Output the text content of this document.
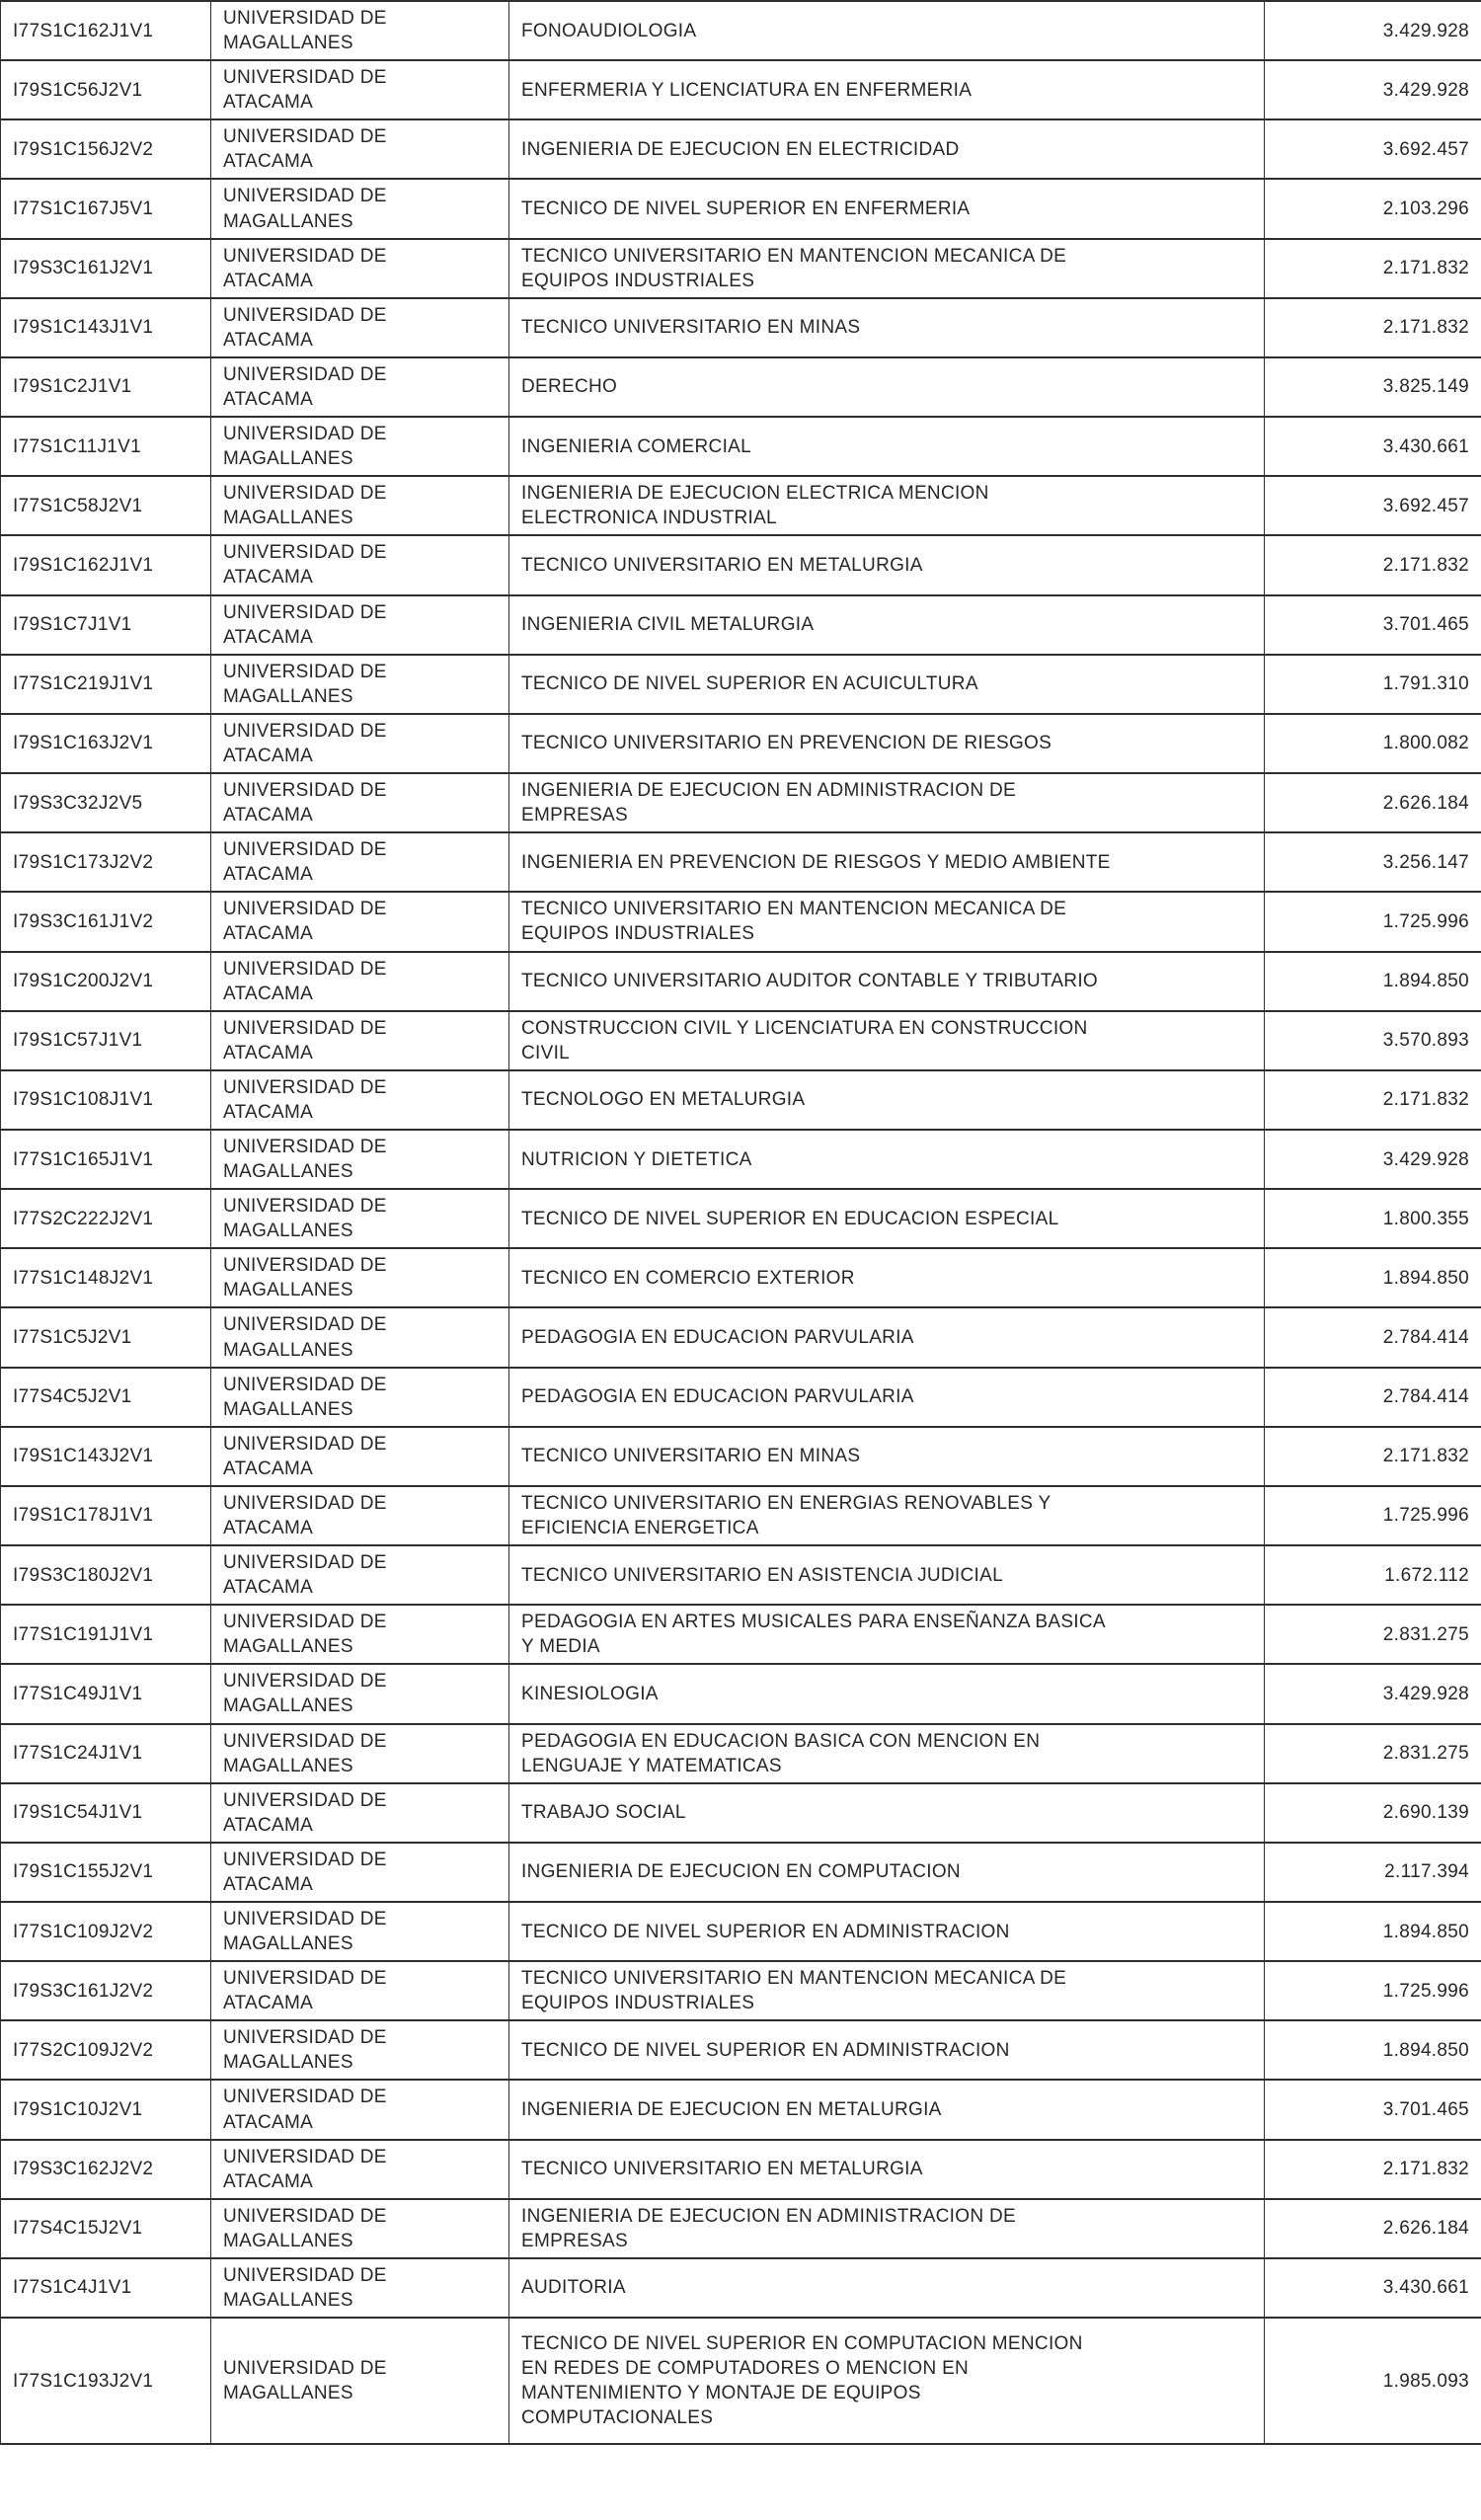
I77S1C162J1V1	UNIVERSIDAD DE MAGALLANES	FONOAUDIOLOGIA	3.429.928

I79S1C56J2V1	UNIVERSIDAD DE ATACAMA	ENFERMERIA Y LICENCIATURA EN ENFERMERIA	3.429.928

I79S1C156J2V2	UNIVERSIDAD DE ATACAMA	INGENIERIA DE EJECUCION EN ELECTRICIDAD	3.692.457

I77S1C167J5V1	UNIVERSIDAD DE MAGALLANES	TECNICO DE NIVEL SUPERIOR EN ENFERMERIA	2.103.296

I79S3C161J2V1	UNIVERSIDAD DE ATACAMA	TECNICO UNIVERSITARIO EN MANTENCION MECANICA DE EQUIPOS INDUSTRIALES	2.171.832

I79S1C143J1V1	UNIVERSIDAD DE ATACAMA	TECNICO UNIVERSITARIO EN MINAS	2.171.832

I79S1C2J1V1	UNIVERSIDAD DE ATACAMA	DERECHO	3.825.149

I77S1C11J1V1	UNIVERSIDAD DE MAGALLANES	INGENIERIA COMERCIAL	3.430.661

I77S1C58J2V1	UNIVERSIDAD DE MAGALLANES	INGENIERIA DE EJECUCION ELECTRICA MENCION ELECTRONICA INDUSTRIAL	3.692.457

I79S1C162J1V1	UNIVERSIDAD DE ATACAMA	TECNICO UNIVERSITARIO EN METALURGIA	2.171.832

I79S1C7J1V1	UNIVERSIDAD DE ATACAMA	INGENIERIA CIVIL METALURGIA	3.701.465

I77S1C219J1V1	UNIVERSIDAD DE MAGALLANES	TECNICO DE NIVEL SUPERIOR EN ACUICULTURA	1.791.310

I79S1C163J2V1	UNIVERSIDAD DE ATACAMA	TECNICO UNIVERSITARIO EN PREVENCION DE RIESGOS	1.800.082

I79S3C32J2V5	UNIVERSIDAD DE ATACAMA	INGENIERIA DE EJECUCION EN ADMINISTRACION DE EMPRESAS	2.626.184

I79S1C173J2V2	UNIVERSIDAD DE ATACAMA	INGENIERIA EN PREVENCION DE RIESGOS Y MEDIO AMBIENTE	3.256.147

I79S3C161J1V2	UNIVERSIDAD DE ATACAMA	TECNICO UNIVERSITARIO EN MANTENCION MECANICA DE EQUIPOS INDUSTRIALES	1.725.996

I79S1C200J2V1	UNIVERSIDAD DE ATACAMA	TECNICO UNIVERSITARIO AUDITOR CONTABLE Y TRIBUTARIO	1.894.850

I79S1C57J1V1	UNIVERSIDAD DE ATACAMA	CONSTRUCCION CIVIL Y LICENCIATURA EN CONSTRUCCION CIVIL	3.570.893

I79S1C108J1V1	UNIVERSIDAD DE ATACAMA	TECNOLOGO EN METALURGIA	2.171.832

I77S1C165J1V1	UNIVERSIDAD DE MAGALLANES	NUTRICION Y DIETETICA	3.429.928

I77S2C222J2V1	UNIVERSIDAD DE MAGALLANES	TECNICO DE NIVEL SUPERIOR EN EDUCACION ESPECIAL	1.800.355

I77S1C148J2V1	UNIVERSIDAD DE MAGALLANES	TECNICO EN COMERCIO EXTERIOR	1.894.850

I77S1C5J2V1	UNIVERSIDAD DE MAGALLANES	PEDAGOGIA EN EDUCACION PARVULARIA	2.784.414

I77S4C5J2V1	UNIVERSIDAD DE MAGALLANES	PEDAGOGIA EN EDUCACION PARVULARIA	2.784.414

I79S1C143J2V1	UNIVERSIDAD DE ATACAMA	TECNICO UNIVERSITARIO EN MINAS	2.171.832

I79S1C178J1V1	UNIVERSIDAD DE ATACAMA	TECNICO UNIVERSITARIO EN ENERGIAS RENOVABLES Y EFICIENCIA ENERGETICA	1.725.996

I79S3C180J2V1	UNIVERSIDAD DE ATACAMA	TECNICO UNIVERSITARIO EN ASISTENCIA JUDICIAL	1.672.112

I77S1C191J1V1	UNIVERSIDAD DE MAGALLANES	PEDAGOGIA EN ARTES MUSICALES PARA ENSEÑANZA BASICA Y MEDIA	2.831.275

I77S1C49J1V1	UNIVERSIDAD DE MAGALLANES	KINESIOLOGIA	3.429.928

I77S1C24J1V1	UNIVERSIDAD DE MAGALLANES	PEDAGOGIA EN EDUCACION BASICA CON MENCION EN LENGUAJE Y MATEMATICAS	2.831.275

I79S1C54J1V1	UNIVERSIDAD DE ATACAMA	TRABAJO SOCIAL	2.690.139

I79S1C155J2V1	UNIVERSIDAD DE ATACAMA	INGENIERIA DE EJECUCION EN COMPUTACION	2.117.394

I77S1C109J2V2	UNIVERSIDAD DE MAGALLANES	TECNICO DE NIVEL SUPERIOR EN ADMINISTRACION	1.894.850

I79S3C161J2V2	UNIVERSIDAD DE ATACAMA	TECNICO UNIVERSITARIO EN MANTENCION MECANICA DE EQUIPOS INDUSTRIALES	1.725.996

I77S2C109J2V2	UNIVERSIDAD DE MAGALLANES	TECNICO DE NIVEL SUPERIOR EN ADMINISTRACION	1.894.850

I79S1C10J2V1	UNIVERSIDAD DE ATACAMA	INGENIERIA DE EJECUCION EN METALURGIA	3.701.465

I79S3C162J2V2	UNIVERSIDAD DE ATACAMA	TECNICO UNIVERSITARIO EN METALURGIA	2.171.832

I77S4C15J2V1	UNIVERSIDAD DE MAGALLANES	INGENIERIA DE EJECUCION EN ADMINISTRACION DE EMPRESAS	2.626.184

I77S1C4J1V1	UNIVERSIDAD DE MAGALLANES	AUDITORIA	3.430.661

I77S1C193J2V1	UNIVERSIDAD DE MAGALLANES	TECNICO DE NIVEL SUPERIOR EN COMPUTACION MENCION EN REDES DE COMPUTADORES O MENCION EN MANTENIMIENTO Y MONTAJE DE EQUIPOS COMPUTACIONALES	1.985.093
